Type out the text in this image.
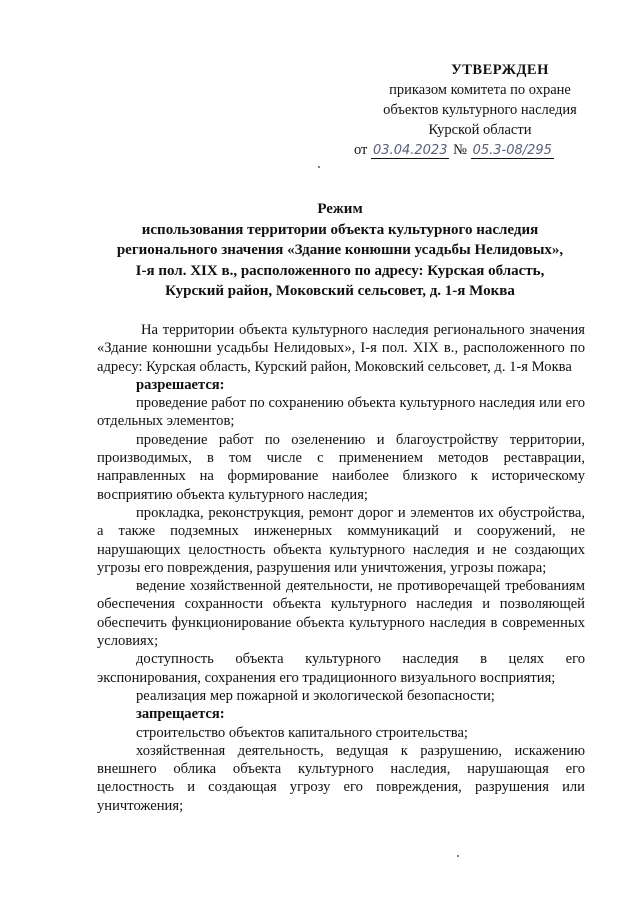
УТВЕРЖДЕН
приказом комитета по охране
объектов культурного наследия
Курской области
от 03.04.2023 № 05.3-08/295
Режим
использования территории объекта культурного наследия
регионального значения «Здание конюшни усадьбы Нелидовых»,
I-я пол. XIX в., расположенного по адресу: Курская область,
Курский район, Моковский сельсовет, д. 1-я Моква

На территории объекта культурного наследия регионального значения «Здание конюшни усадьбы Нелидовых», I-я пол. XIX в., расположенного по адресу: Курская область, Курский район, Моковский сельсовет, д. 1-я Моква

разрешается:

проведение работ по сохранению объекта культурного наследия или его отдельных элементов;

проведение работ по озеленению и благоустройству территории, производимых, в том числе с применением методов реставрации, направленных на формирование наиболее близкого к историческому восприятию объекта культурного наследия;

прокладка, реконструкция, ремонт дорог и элементов их обустройства, а также подземных инженерных коммуникаций и сооружений, не нарушающих целостность объекта культурного наследия и не создающих угрозы его повреждения, разрушения или уничтожения, угрозы пожара;

ведение хозяйственной деятельности, не противоречащей требованиям обеспечения сохранности объекта культурного наследия и позволяющей обеспечить функционирование объекта культурного наследия в современных условиях;

доступность объекта культурного наследия в целях его экспонирования, сохранения его традиционного визуального восприятия;

реализация мер пожарной и экологической безопасности;

запрещается:

строительство объектов капитального строительства;

хозяйственная деятельность, ведущая к разрушению, искажению внешнего облика объекта культурного наследия, нарушающая его целостность и создающая угрозу его повреждения, разрушения или уничтожения;
